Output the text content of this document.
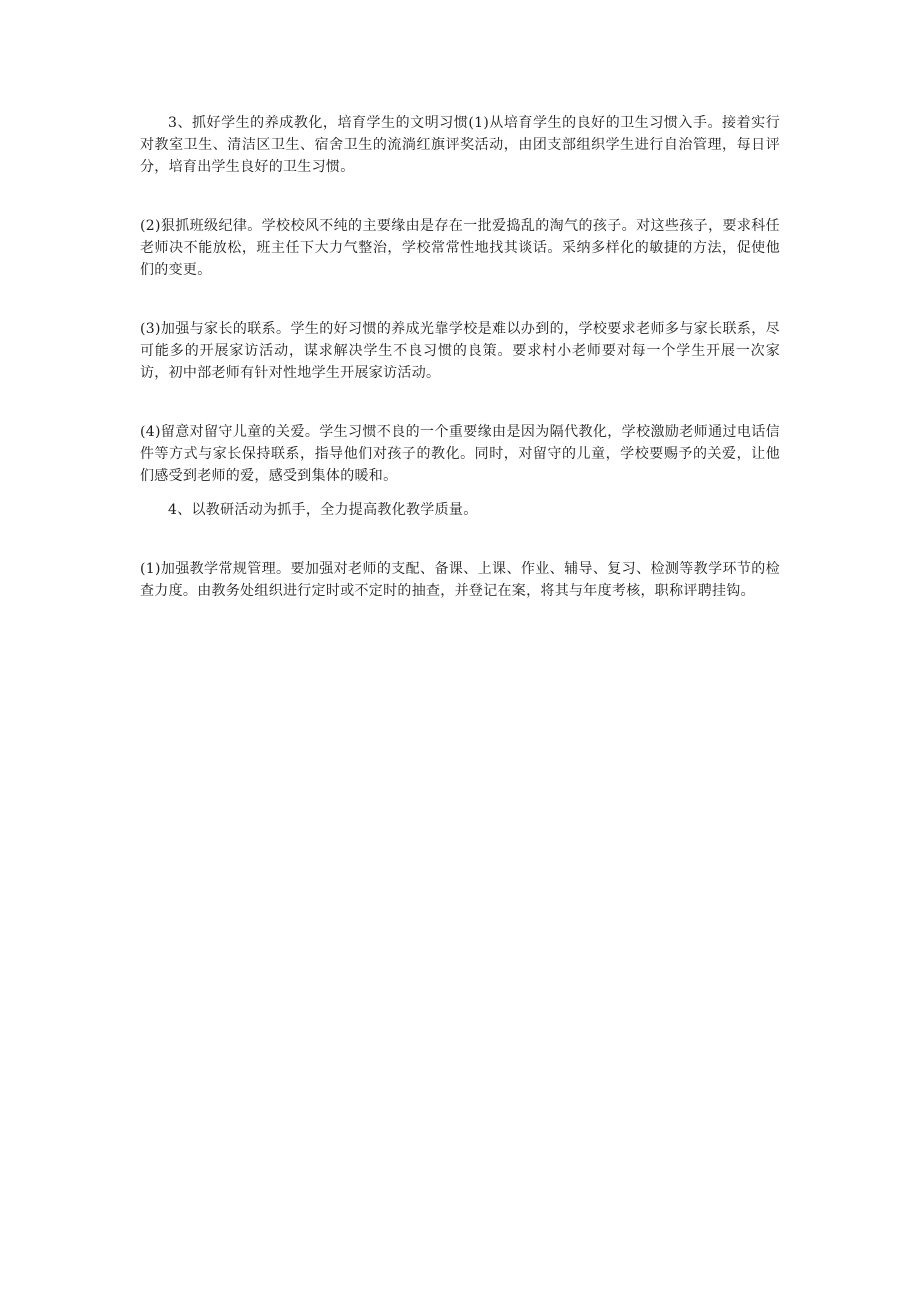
3、抓好学生的养成教化，培育学生的文明习惯(1)从培育学生的良好的卫生习惯入手。接着实行对教室卫生、清洁区卫生、宿舍卫生的流淌红旗评奖活动，由团支部组织学生进行自治管理，每日评分，培育出学生良好的卫生习惯。

(2)狠抓班级纪律。学校校风不纯的主要缘由是存在一批爱捣乱的淘气的孩子。对这些孩子，要求科任老师决不能放松，班主任下大力气整治，学校常常性地找其谈话。采纳多样化的敏捷的方法，促使他们的变更。

(3)加强与家长的联系。学生的好习惯的养成光靠学校是难以办到的，学校要求老师多与家长联系，尽可能多的开展家访活动，谋求解决学生不良习惯的良策。要求村小老师要对每一个学生开展一次家访，初中部老师有针对性地学生开展家访活动。

(4)留意对留守儿童的关爱。学生习惯不良的一个重要缘由是因为隔代教化，学校激励老师通过电话信件等方式与家长保持联系，指导他们对孩子的教化。同时，对留守的儿童，学校要赐予的关爱，让他们感受到老师的爱，感受到集体的暖和。

4、以教研活动为抓手，全力提高教化教学质量。

(1)加强教学常规管理。要加强对老师的支配、备课、上课、作业、辅导、复习、检测等教学环节的检查力度。由教务处组织进行定时或不定时的抽查，并登记在案，将其与年度考核，职称评聘挂钩。
